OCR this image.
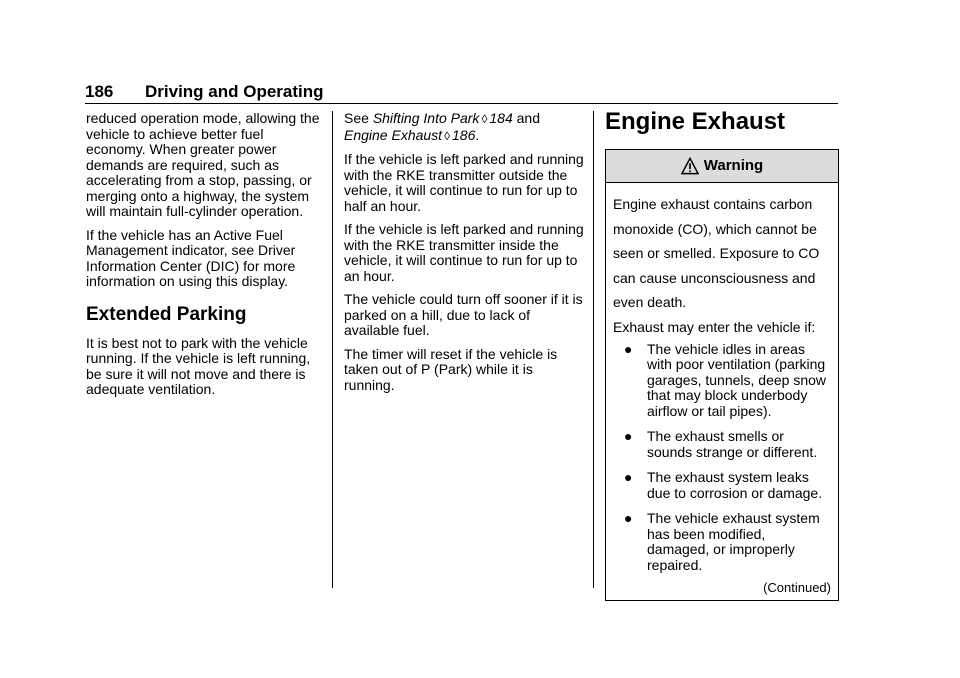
186 Driving and Operating

reduced operation mode, allowing the vehicle to achieve better fuel economy. When greater power demands are required, such as accelerating from a stop, passing, or merging onto a highway, the system will maintain full-cylinder operation.

If the vehicle has an Active Fuel Management indicator, see Driver Information Center (DIC) for more information on using this display.

Extended Parking

It is best not to park with the vehicle running. If the vehicle is left running, be sure it will not move and there is adequate ventilation.

See Shifting Into Park ◊ 184 and
Engine Exhaust ◊ 186.

If the vehicle is left parked and running with the RKE transmitter outside the vehicle, it will continue to run for up to half an hour.

If the vehicle is left parked and running with the RKE transmitter inside the vehicle, it will continue to run for up to an hour.

The vehicle could turn off sooner if it is parked on a hill, due to lack of available fuel.

The timer will reset if the vehicle is taken out of P (Park) while it is running.

Engine Exhaust
Warning

Engine exhaust contains carbon monoxide (CO), which cannot be seen or smelled. Exposure to CO can cause unconsciousness and even death.

Exhaust may enter the vehicle if:

● The vehicle idles in areas with poor ventilation (parking garages, tunnels, deep snow that may block underbody airflow or tail pipes).
● The exhaust smells or sounds strange or different.
● The exhaust system leaks due to corrosion or damage.
● The vehicle exhaust system has been modified, damaged, or improperly repaired.
(Continued)
